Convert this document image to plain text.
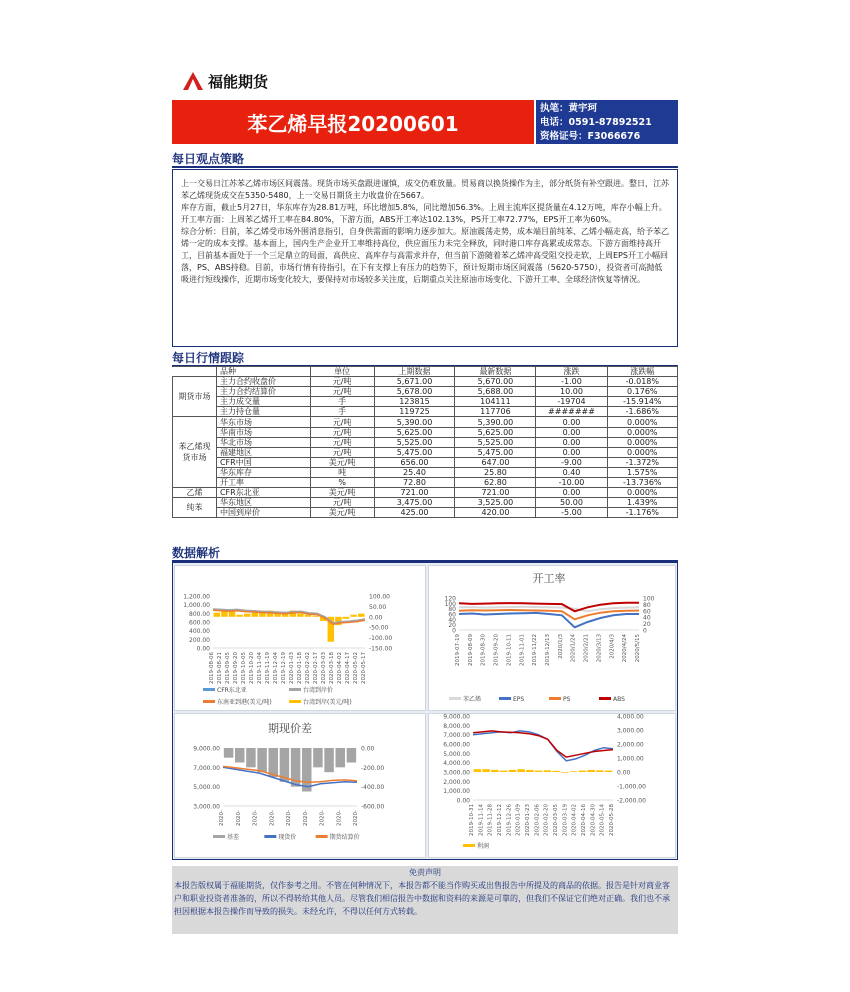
福能期货
苯乙烯早报20200601
执笔：黄宇珂
电话：0591-87892521
资格证号：F3066676
每日观点策略

上一交易日江苏苯乙烯市场区间震荡。现货市场买盘跟进谨慎，成交仍难放量。贸易商以换货操作为主，部分纸货有补空跟进。整日，江苏苯乙烯现货成交在5350-5480，上一交易日期货主力收盘价在5667。

库存方面，截止5月27日，华东库存为28.81万吨，环比增加5.8%，同比增加56.3%。上周主流库区提货量在4.12万吨，库存小幅上升。开工率方面：上周苯乙烯开工率在84.80%，下游方面，ABS开工率达102.13%，PS开工率72.77%，EPS开工率为60%。

综合分析：目前，苯乙烯受市场外围消息指引，自身供需面的影响力逐步加大。原油震荡走势，成本端目前纯苯、乙烯小幅走高，给予苯乙烯一定的成本支撑。基本面上，国内生产企业开工率维持高位，供应面压力未完全释放，同时港口库存高累或成常态。下游方面维持高开工，目前基本面处于一个三足鼎立的局面，高供应、高库存与高需求并存，但当前下游随着苯乙烯冲高受阻交投走软，上周EPS开工小幅回落，PS、ABS持稳。目前，市场行情有待指引，在下有支撑上有压力的趋势下，预计短期市场区间震荡（5620-5750），投资者可高抛低吸进行短线操作，近期市场变化较大，要保持对市场较多关注度，后期重点关注原油市场变化、下游开工率、全球经济恢复等情况。

每日行情跟踪
	品种	单位	上期数据	最新数据	涨跌	涨跌幅
期货市场	主力合约收盘价	元/吨	5,671.00	5,670.00	-1.00	-0.018%
	主力合约结算价	元/吨	5,678.00	5,688.00	10.00	0.176%
	主力成交量	手	123815	104111	-19704	-15.914%
	主力持仓量	手	119725	117706	#######	-1.686%
苯乙烯现货市场	华东市场	元/吨	5,390.00	5,390.00	0.00	0.000%
	华南市场	元/吨	5,625.00	5,625.00	0.00	0.000%
	华北市场	元/吨	5,525.00	5,525.00	0.00	0.000%
	福建地区	元/吨	5,475.00	5,475.00	0.00	0.000%
	CFR中国	美元/吨	656.00	647.00	-9.00	-1.372%
	华东库存	吨	25.40	25.80	0.40	1.575%
	开工率	%	72.80	62.80	-10.00	-13.736%
乙烯	CFR东北亚	美元/吨	721.00	721.00	0.00	0.000%
纯苯	华东地区	元/吨	3,475.00	3,525.00	50.00	1.439%
	中国到岸价	美元/吨	425.00	420.00	-5.00	-1.176%
数据解析
1,200.00
1,000.00
800.00
600.00
400.00
200.00
0.00
100.00
50.00
0.00
-50.00
-100.00
-150.00
2019-08-06 2019-08-21 2019-09-05 2019-09-20 2019-10-05 2019-10-20 2019-11-04 2019-11-19 2019-12-04 2019-12-19 2020-01-03 2020-01-18 2020-02-02 2020-02-17 2020-03-03 2020-03-18 2020-04-02 2020-04-17 2020-05-02 2020-05-17
CFR东北亚	台湾到岸价
东南亚到港(美元/吨)	台湾到岸(美元/吨)
开工率
120
100
80
60
40
20
0
100
80
60
40
20
0
2019-07-19 2019-08-09 2019-08-30 2019-09-20 2019-10-11 2019-11-01 2019-11/22 2019-12/13 2020/1/3 2020/1/24 2020/2/21 2020/3/13 2020/4/3 2020/4/24 2020/5/15
苯乙烯	EPS	PS	ABS
期现价差
9,000.00
7,000.00
5,000.00
3,000.00
0.00
-200.00
-400.00
-600.00
2020- 2020- 2020- 2020- 2020- 2020- 2020- 2020- 2020-
基差	现货价	期货结算价
9,000.00
8,000.00
7,000.00
6,000.00
5,000.00
4,000.00
3,000.00
2,000.00
1,000.00
0.00
4,000.00
3,000.00
2,000.00
1,000.00
0.00
-1,000.00
-2,000.00
2019-10-31 2019-11-14 2019-11-28 2019-12-12 2019-12-26 2020-01-09 2020-01-23 2020-02-06 2020-02-20 2020-03-05 2020-03-19 2020-04-02 2020-04-16 2020-04-30 2020-05-14 2020-05-28
利润
免责声明
本报告版权属于福能期货，仅作参考之用。不管在何种情况下，本报告都不能当作购买或出售报告中所提及的商品的依据。报告是针对商业客户和职业投资者准备的，所以不得转给其他人员。尽管我们相信报告中数据和资料的来源是可靠的，但我们不保证它们绝对正确。我们也不承担因根据本报告操作而导致的损失。未经允许，不得以任何方式转载。
